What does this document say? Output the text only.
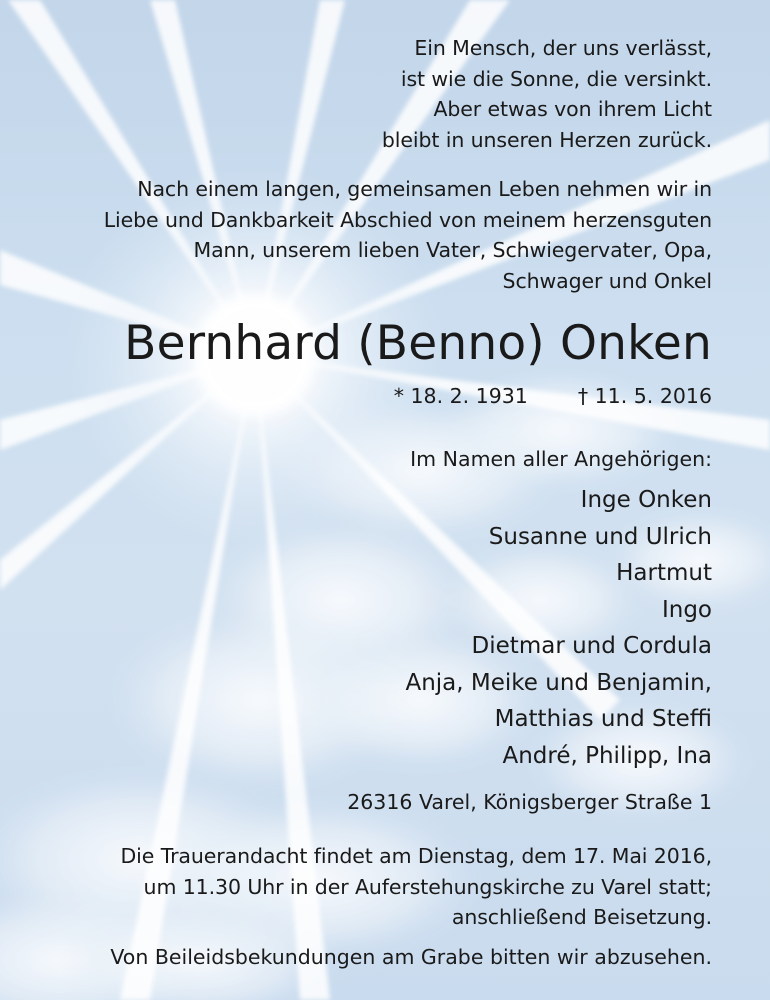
Ein Mensch, der uns verlässt,
ist wie die Sonne, die versinkt.
Aber etwas von ihrem Licht
bleibt in unseren Herzen zurück.
Nach einem langen, gemeinsamen Leben nehmen wir in
Liebe und Dankbarkeit Abschied von meinem herzensguten
Mann, unserem lieben Vater, Schwiegervater, Opa,
Schwager und Onkel
Bernhard (Benno) Onken
* 18. 2. 1931 † 11. 5. 2016
Im Namen aller Angehörigen:
Inge Onken
Susanne und Ulrich
Hartmut
Ingo
Dietmar und Cordula
Anja, Meike und Benjamin,
Matthias und Steffi
André, Philipp, Ina
26316 Varel, Königsberger Straße 1
Die Trauerandacht findet am Dienstag, dem 17. Mai 2016,
um 11.30 Uhr in der Auferstehungskirche zu Varel statt;
anschließend Beisetzung.
Von Beileidsbekundungen am Grabe bitten wir abzusehen.
